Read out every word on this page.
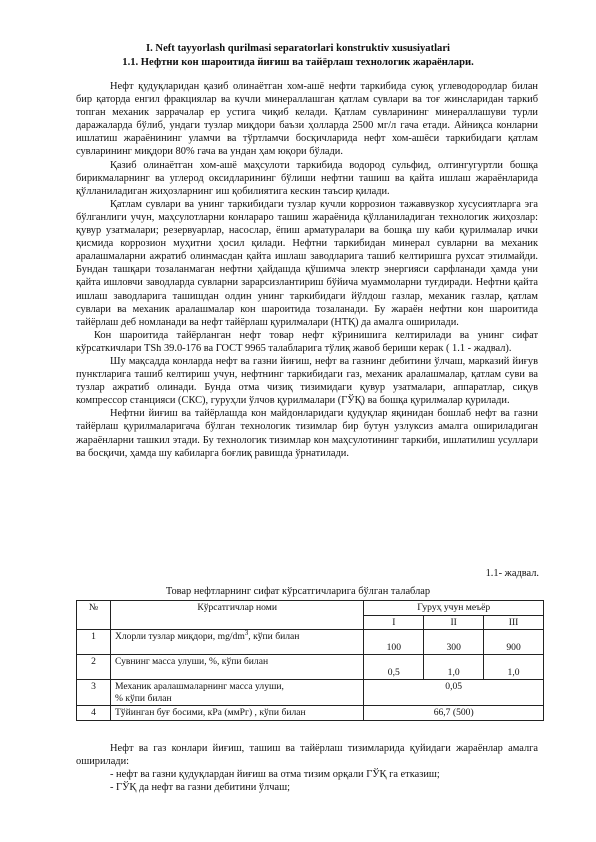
I. Neft tayyorlash qurilmasi separatorlari konstruktiv xususiyatlari
1.1. Нефтни кон шароитида йиғиш ва тайёрлаш технологик жараёнлари.

Нефт қудуқларидан қазиб олинаётган хом-ашё нефти таркибида суюқ углеводородлар билан бир қаторда енгил фракциялар ва кучли минераллашган қатлам сувлари ва тоғ жинсларидан таркиб топган механик заррачалар ер устига чиқиб келади. Қатлам сувларининг минераллашуви турли даражаларда бўлиб, ундаги тузлар миқдори баъзи ҳолларда 2500 мг/л гача етади. Айниқса конларни ишлатиш жараёнининг уламчи ва тўртламчи босқичларида нефт хом-ашёси таркибидаги қатлам сувларининг миқдори 80% гача ва ундан ҳам юқори бўлади.

Қазиб олинаётган хом-ашё маҳсулоти таркибида водород сульфид, олтингугуртли бошқа бирикмаларнинг ва углерод оксидларининг бўлиши нефтни ташиш ва қайта ишлаш жараёнларида қўлланиладиган жиҳозларнинг иш қобилиятига кескин таъсир қилади.

Қатлам сувлари ва унинг таркибидаги тузлар кучли коррозион тажаввузкор хусусиятларга эга бўлганлиги учун, маҳсулотларни конлараро ташиш жараёнида қўлланиладиган технологик жиҳозлар: қувур узатмалари; резервуарлар, насослар, ёпиш арматуралари ва бошқа шу каби қурилмалар ички қисмида коррозион муҳитни ҳосил қилади. Нефтни таркибидан минерал сувларни ва механик аралашмаларни ажратиб олинмасдан қайта ишлаш заводларига ташиб келтиришга рухсат этилмайди. Бундан ташқари тозаланмаган нефтни ҳайдашда қўшимча электр энергияси сарфланади ҳамда уни қайта ишловчи заводларда сувларни зарарсизлантириш бўйича муаммоларни туғдиради. Нефтни қайта ишлаш заводларига ташишдан олдин унинг таркибидаги йўлдош газлар, механик газлар, қатлам сувлари ва механик аралашмалар кон шароитида тозаланади. Бу жараён нефтни кон шароитида тайёрлаш деб номланади ва нефт тайёрлаш қурилмалари (НТҚ) да амалга оширилади.

Кон шароитида тайёрланган нефт товар нефт кўринишига келтирилади ва унинг сифат кўрсаткичлари TSh 39.0-176 ва ГОСТ 9965 талабларига тўлиқ жавоб бериши керак ( 1.1 - жадвал).

Шу мақсадда конларда нефт ва газни йиғиш, нефт ва газнинг дебитини ўлчаш, марказий йиғув пунктларига ташиб келтириш учун, нефтнинг таркибидаги газ, механик аралашмалар, қатлам суви ва тузлар ажратиб олинади. Бунда отма чизиқ тизимидаги қувур узатмалари, аппаратлар, сиқув компрессор станцияси (СКС), гуруҳли ўлчов қурилмалари (ГЎҚ) ва бошқа қурилмалар қурилади.

Нефтни йиғиш ва тайёрлашда кон майдонларидаги қудуқлар яқинидан бошлаб нефт ва газни тайёрлаш қурилмаларигача бўлган технологик тизимлар бир бутун узлуксиз амалга ошириладиган жараёнларни ташкил этади. Бу технологик тизимлар кон маҳсулотининг таркиби, ишлатилиш усуллари ва босқичи, ҳамда шу кабиларга боғлиқ равишда ўрнатилади.

1.1- жадвал.
Товар нефтларнинг сифат кўрсатгичларига бўлган талаблар
№	Кўрсатгичлар номи	Гуруҳ учун меъёр		
		I	II	III
1	Хлорли тузлар миқдори, $mg/dm^3$, кўпи билан	100	300	900
2	Сувнинг масса улуши, %, кўпи билан	0,5	1,0	1,0
3	Механик аралашмаларнинг масса улуши,
% кўпи билан	0,05		
4	Тўйинган буғ босими, кPа (ммРг) , кўпи билан	66,7 (500)		

Нефт ва газ конлари йиғиш, ташиш ва тайёрлаш тизимларида қуйидаги жараёнлар амалга оширилади:

- нефт ва газни қудуқлардан йиғиш ва отма тизим орқали ГЎҚ га етказиш;

- ГЎҚ да нефт ва газни дебитини ўлчаш;
